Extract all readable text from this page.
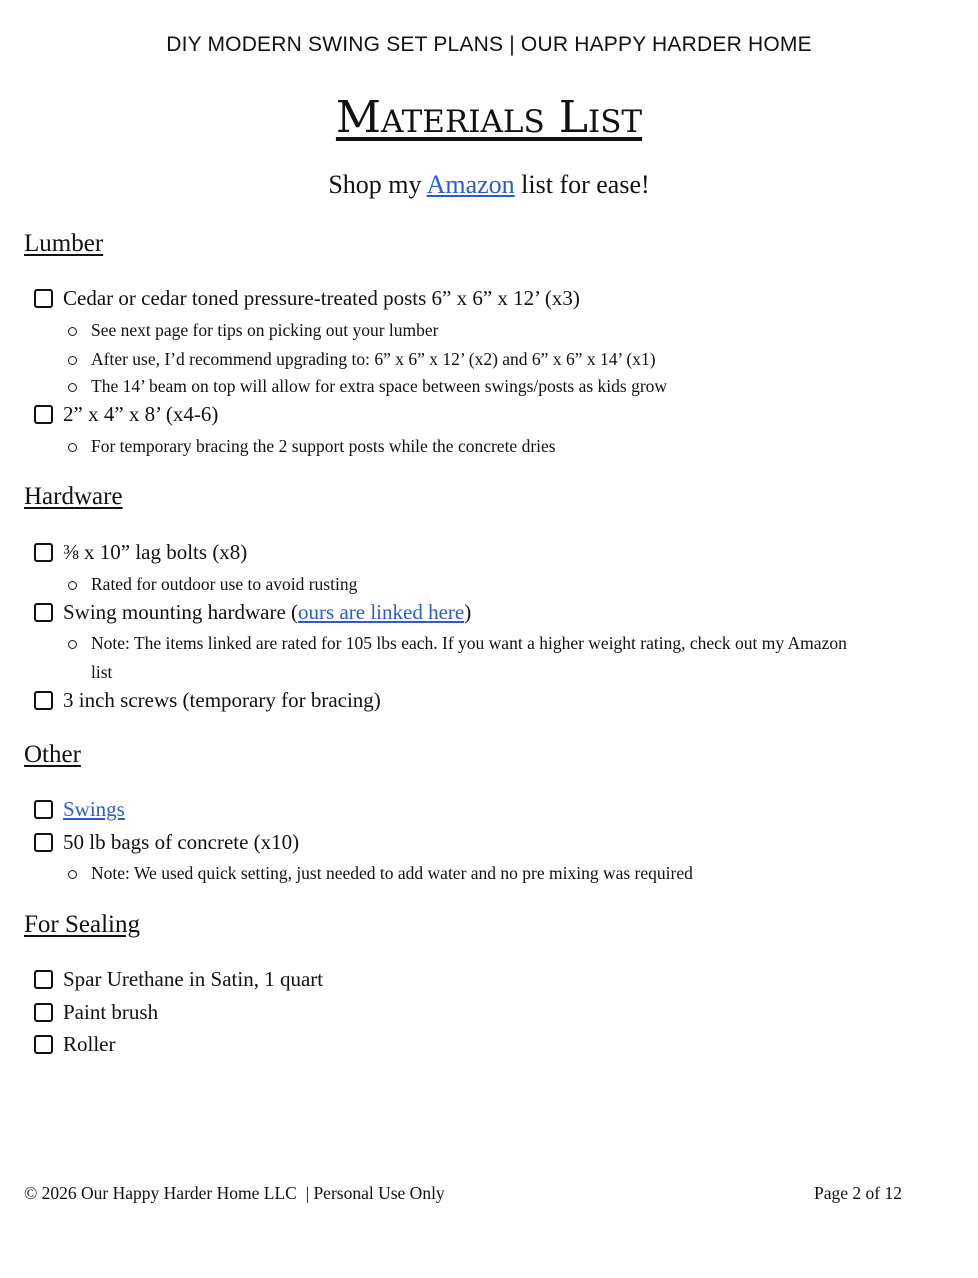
DIY MODERN SWING SET PLANS | OUR HAPPY HARDER HOME
Materials List
Shop my Amazon list for ease!
Lumber
Cedar or cedar toned pressure-treated posts 6” x 6” x 12’ (x3)
See next page for tips on picking out your lumber
After use, I’d recommend upgrading to: 6” x 6” x 12’ (x2) and 6” x 6” x 14’ (x1)
The 14’ beam on top will allow for extra space between swings/posts as kids grow
2” x 4” x 8’ (x4-6)
For temporary bracing the 2 support posts while the concrete dries
Hardware
⅜ x 10” lag bolts (x8)
Rated for outdoor use to avoid rusting
Swing mounting hardware (ours are linked here)
Note: The items linked are rated for 105 lbs each. If you want a higher weight rating, check out my Amazon
list
3 inch screws (temporary for bracing)
Other
Swings
50 lb bags of concrete (x10)
Note: We used quick setting, just needed to add water and no pre mixing was required
For Sealing
Spar Urethane in Satin, 1 quart
Paint brush
Roller
© 2026 Our Happy Harder Home LLC  | Personal Use Only	Page 2 of 12
